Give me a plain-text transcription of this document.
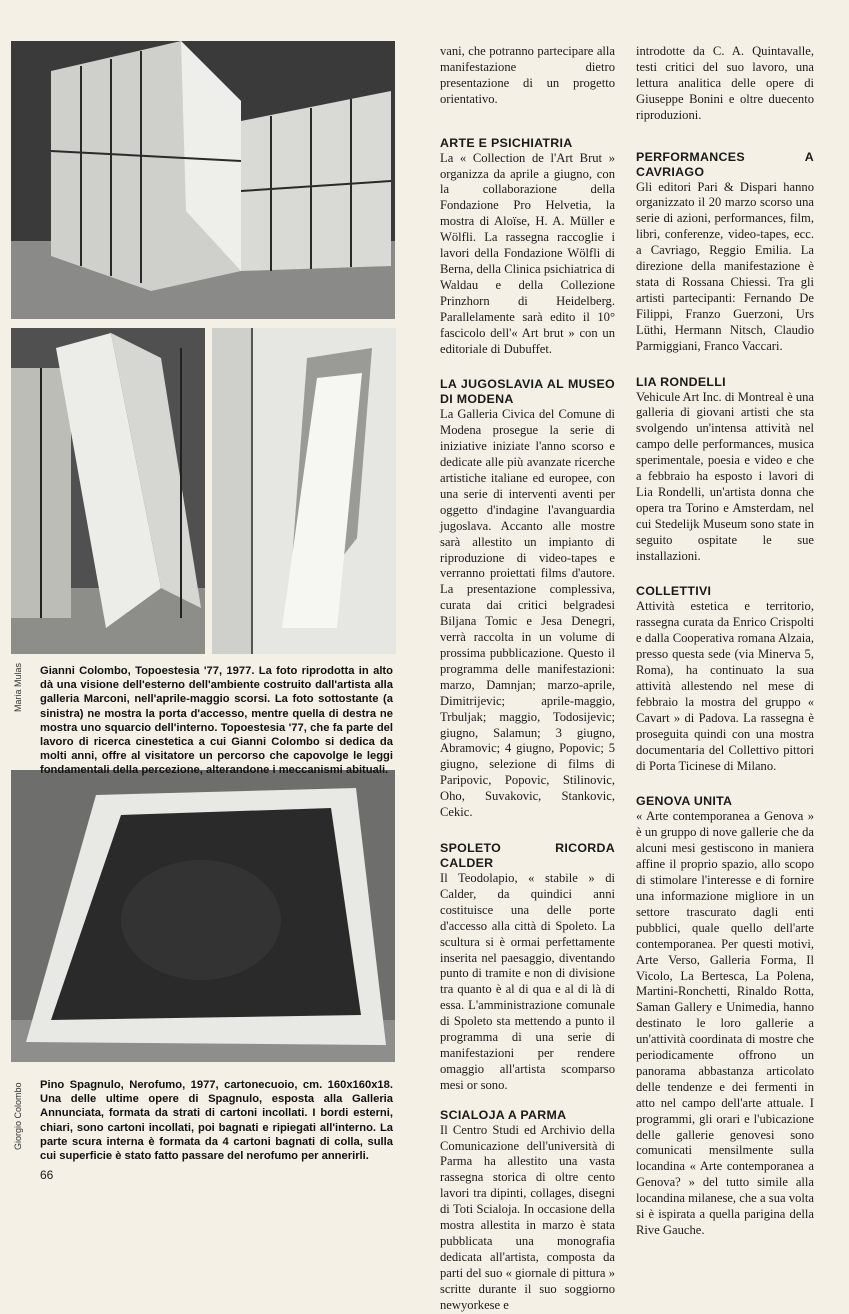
Maria Mulas
Giorgio Colombo
Gianni Colombo, Topoestesia '77, 1977. La foto riprodotta in alto dà una visione dell'esterno dell'ambiente costruito dall'artista alla galleria Marconi, nell'aprile-maggio scorsi. La foto sottostante (a sinistra) ne mostra la porta d'accesso, mentre quella di destra ne mostra uno squarcio dell'interno. Topoestesia '77, che fa parte del lavoro di ricerca cinestetica a cui Gianni Colombo si dedica da molti anni, offre al visitatore un percorso che capovolge le leggi fondamentali della percezione, alterandone i meccanismi abituali.
Pino Spagnulo, Nerofumo, 1977, cartonecuoio, cm. 160x160x18. Una delle ultime opere di Spagnulo, esposta alla Galleria Annunciata, formata da strati di cartoni incollati. I bordi esterni, chiari, sono cartoni incollati, poi bagnati e ripiegati all'interno. La parte scura interna è formata da 4 cartoni bagnati di colla, sulla cui superficie è stato fatto passare del nerofumo per annerirli.

vani, che potranno partecipare alla manifestazione dietro presentazione di un progetto orientativo.

ARTE E PSICHIATRIA

La « Collection de l'Art Brut » organizza da aprile a giugno, con la collaborazione della Fondazione Pro Helvetia, la mostra di Aloïse, H. A. Müller e Wölfli. La rassegna raccoglie i lavori della Fondazione Wölfli di Berna, della Clinica psichiatrica di Waldau e della Collezione Prinzhorn di Heidelberg. Parallelamente sarà edito il 10° fascicolo dell'« Art brut » con un editoriale di Dubuffet.

LA JUGOSLAVIA AL MUSEO DI MODENA

La Galleria Civica del Comune di Modena prosegue la serie di iniziative iniziate l'anno scorso e dedicate alle più avanzate ricerche artistiche italiane ed europee, con una serie di interventi aventi per oggetto d'indagine l'avanguardia jugoslava. Accanto alle mostre sarà allestito un impianto di riproduzione di video-tapes e verranno proiettati films d'autore. La presentazione complessiva, curata dai critici belgradesi Biljana Tomic e Jesa Denegri, verrà raccolta in un volume di prossima pubblicazione. Questo il programma delle manifestazioni: marzo, Damnjan; marzo-aprile, Dimitrijevic; aprile-maggio, Trbuljak; maggio, Todosijevic; giugno, Salamun; 3 giugno, Abramovic; 4 giugno, Popovic; 5 giugno, selezione di films di Paripovic, Popovic, Stilinovic, Oho, Suvakovic, Stankovic, Cekic.

SPOLETO RICORDA CALDER

Il Teodolapio, « stabile » di Calder, da quindici anni costituisce una delle porte d'accesso alla città di Spoleto. La scultura si è ormai perfettamente inserita nel paesaggio, diventando punto di tramite e non di divisione tra quanto è al di qua e al di là di essa. L'amministrazione comunale di Spoleto sta mettendo a punto il programma di una serie di manifestazioni per rendere omaggio all'artista scomparso mesi or sono.

SCIALOJA A PARMA

Il Centro Studi ed Archivio della Comunicazione dell'università di Parma ha allestito una vasta rassegna storica di oltre cento lavori tra dipinti, collages, disegni di Toti Scialoja. In occasione della mostra allestita in marzo è stata pubblicata una monografia dedicata all'artista, composta da parti del suo « giornale di pittura » scritte durante il suo soggiorno newyorkese e

introdotte da C. A. Quintavalle, testi critici del suo lavoro, una lettura analitica delle opere di Giuseppe Bonini e oltre duecento riproduzioni.

PERFORMANCES A CAVRIAGO

Gli editori Pari & Dispari hanno organizzato il 20 marzo scorso una serie di azioni, performances, film, libri, conferenze, video-tapes, ecc. a Cavriago, Reggio Emilia. La direzione della manifestazione è stata di Rossana Chiessi. Tra gli artisti partecipanti: Fernando De Filippi, Franzo Guerzoni, Urs Lüthi, Hermann Nitsch, Claudio Parmiggiani, Franco Vaccari.

LIA RONDELLI

Vehicule Art Inc. di Montreal è una galleria di giovani artisti che sta svolgendo un'intensa attività nel campo delle performances, musica sperimentale, poesia e video e che a febbraio ha esposto i lavori di Lia Rondelli, un'artista donna che opera tra Torino e Amsterdam, nel cui Stedelijk Museum sono state in seguito ospitate le sue installazioni.

COLLETTIVI

Attività estetica e territorio, rassegna curata da Enrico Crispolti e dalla Cooperativa romana Alzaia, presso questa sede (via Minerva 5, Roma), ha continuato la sua attività allestendo nel mese di febbraio la mostra del gruppo « Cavart » di Padova. La rassegna è proseguita quindi con una mostra documentaria del Collettivo pittori di Porta Ticinese di Milano.

GENOVA UNITA

« Arte contemporanea a Genova » è un gruppo di nove gallerie che da alcuni mesi gestiscono in maniera affine il proprio spazio, allo scopo di stimolare l'interesse e di fornire una informazione migliore in un settore trascurato dagli enti pubblici, quale quello dell'arte contemporanea. Per questi motivi, Arte Verso, Galleria Forma, Il Vicolo, La Bertesca, La Polena, Martini-Ronchetti, Rinaldo Rotta, Saman Gallery e Unimedia, hanno destinato le loro gallerie a un'attività coordinata di mostre che periodicamente offrono un panorama abbastanza articolato delle tendenze e dei fermenti in atto nel campo dell'arte attuale. I programmi, gli orari e l'ubicazione delle gallerie genovesi sono comunicati mensilmente sulla locandina « Arte contemporanea a Genova? » del tutto simile alla locandina milanese, che a sua volta si è ispirata a quella parigina della Rive Gauche.

66
